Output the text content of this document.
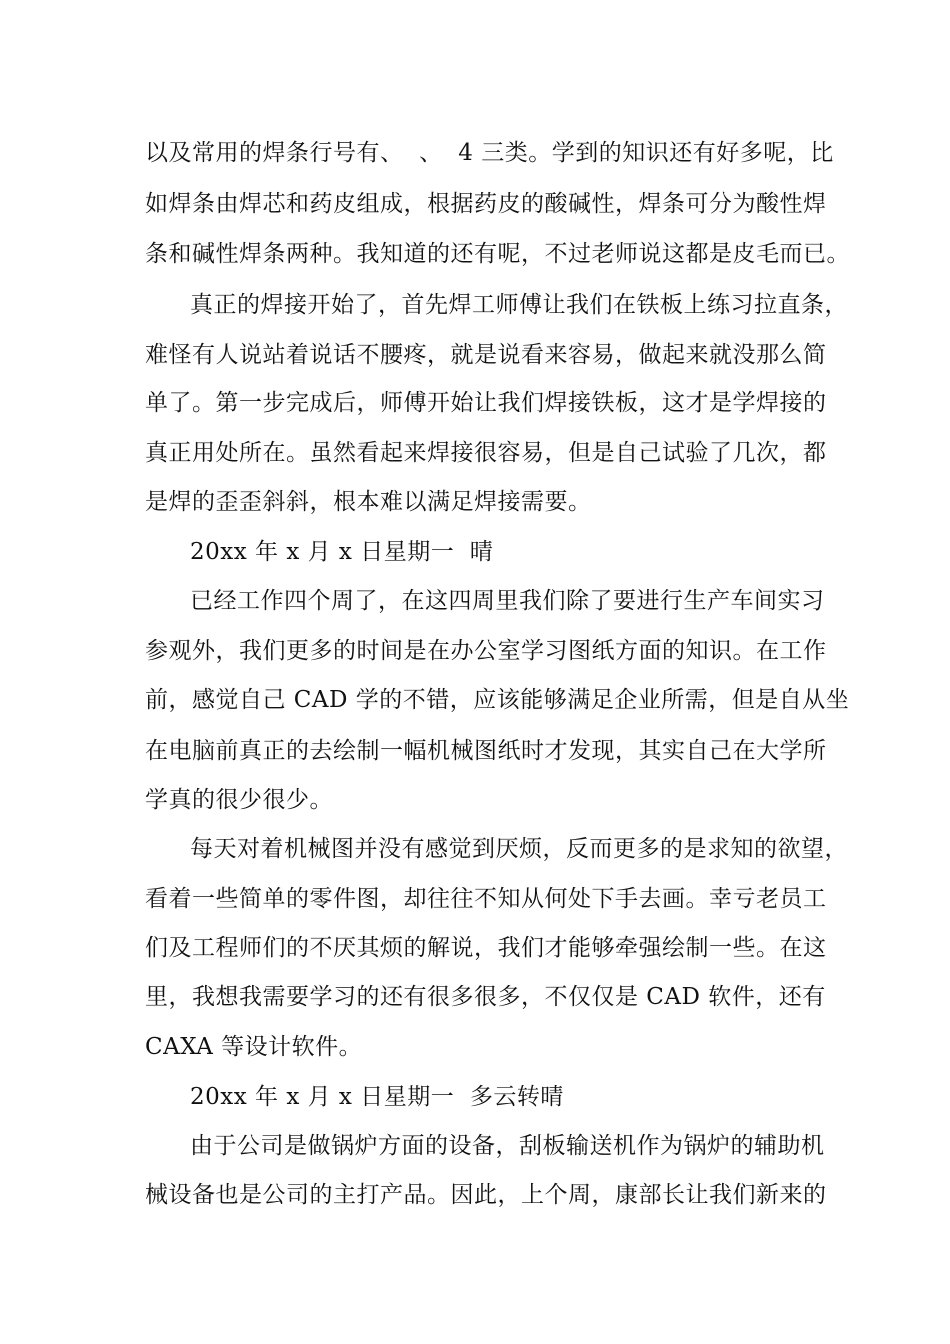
以及常用的焊条行号有、  、  4 三类。学到的知识还有好多呢，比
如焊条由焊芯和药皮组成，根据药皮的酸碱性，焊条可分为酸性焊
条和碱性焊条两种。我知道的还有呢，不过老师说这都是皮毛而已。
真正的焊接开始了，首先焊工师傅让我们在铁板上练习拉直条，
难怪有人说站着说话不腰疼，就是说看来容易，做起来就没那么简
单了。第一步完成后，师傅开始让我们焊接铁板，这才是学焊接的
真正用处所在。虽然看起来焊接很容易，但是自己试验了几次，都
是焊的歪歪斜斜，根本难以满足焊接需要。
20xx 年 x 月 x 日星期一  晴
已经工作四个周了，在这四周里我们除了要进行生产车间实习
参观外，我们更多的时间是在办公室学习图纸方面的知识。在工作
前，感觉自己 CAD 学的不错，应该能够满足企业所需，但是自从坐
在电脑前真正的去绘制一幅机械图纸时才发现，其实自己在大学所
学真的很少很少。
每天对着机械图并没有感觉到厌烦，反而更多的是求知的欲望，
看着一些简单的零件图，却往往不知从何处下手去画。幸亏老员工
们及工程师们的不厌其烦的解说，我们才能够牵强绘制一些。在这
里，我想我需要学习的还有很多很多，不仅仅是 CAD 软件，还有
CAXA 等设计软件。
20xx 年 x 月 x 日星期一  多云转晴
由于公司是做锅炉方面的设备，刮板输送机作为锅炉的辅助机
械设备也是公司的主打产品。因此，上个周，康部长让我们新来的
